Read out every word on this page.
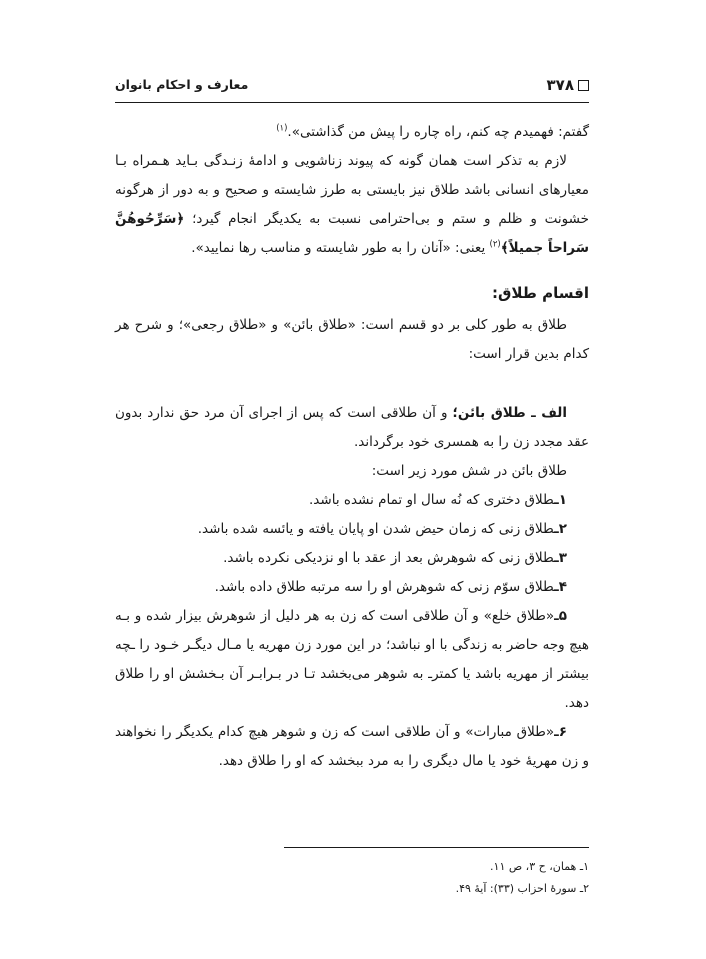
۳۷۸
معارف و احکام بانوان

گفتم: فهمیدم چه کنم، راه چاره را پیش من گذاشتی».$^{(۱)}$

لازم به تذکر است همان گونه که پیوند زناشویی و ادامهٔ زنـدگی بـاید هـمراه بـا معیارهای انسانی باشد طلاق نیز بایستی به طرز شایسته و صحیح و به دور از هرگونه خشونت و ظلم و ستم و بی‌احترامی نسبت به یکدیگر انجام گیرد؛ ﴿سَرِّحُوهُنَّ سَراحاً جمیلاً﴾$^{(۲)}$ یعنی: «آنان را به طور شایسته و مناسب رها نمایید».

اقسام طلاق:

طلاق به طور کلی بر دو قسم است: «طلاق بائن» و «طلاق رجعی»؛ و شرح هر کدام بدین قرار است:

الف ـ طلاق بائن؛ و آن طلاقی است که پس از اجرای آن مرد حق ندارد بدون عقد مجدد زن را به همسری خود برگرداند.

طلاق بائن در شش مورد زیر است:

۱ـطلاق دختری که نُه سال او تمام نشده باشد.

۲ـطلاق زنی که زمان حیض شدن او پایان یافته و یائسه شده باشد.

۳ـطلاق زنی که شوهرش بعد از عقد با او نزدیکی نکرده باشد.

۴ـطلاق سوّم زنی که شوهرش او را سه مرتبه طلاق داده باشد.

۵ـ«طلاق خلع» و آن طلاقی است که زن به هر دلیل از شوهرش بیزار شده و بـه هیچ وجه حاضر به زندگی با او نباشد؛ در این مورد زن مهریه یا مـال دیگـر خـود را ـچه بیشتر از مهریه باشد یا کمترـ به شوهر می‌بخشد تـا در بـرابـر آن بـخشش او را طلاق دهد.

۶ـ«طلاق مبارات» و آن طلاقی است که زن و شوهر هیچ کدام یکدیگر را نخواهند و زن مهریهٔ خود یا مال دیگری را به مرد ببخشد که او را طلاق دهد.

۱ـ همان، ح ۳، ص ۱۱.

۲ـ سورهٔ احزاب (۳۳): آیهٔ ۴۹.
